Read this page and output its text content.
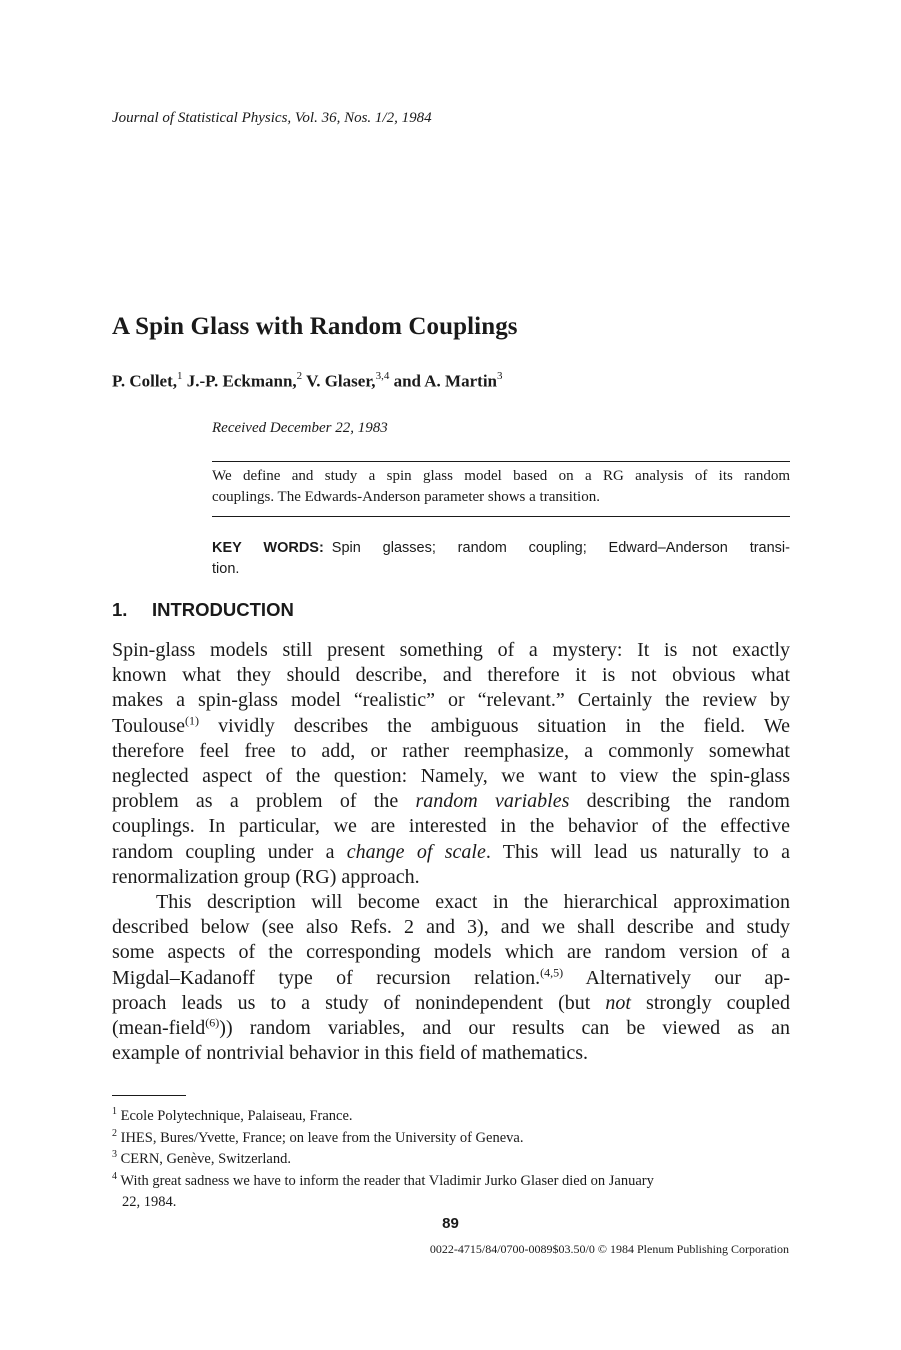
Journal of Statistical Physics, Vol. 36, Nos. 1/2, 1984
A Spin Glass with Random Couplings
P. Collet,$^1$ J.-P. Eckmann,$^2$ V. Glaser,$^{3,4}$ and A. Martin$^3$
Received December 22, 1983
We define and study a spin glass model based on a RG analysis of its random
couplings. The Edwards-Anderson parameter shows a transition.
KEY WORDS: Spin glasses; random coupling; Edward–Anderson transi-
tion.
1. INTRODUCTION
Spin-glass models still present something of a mystery: It is not exactly
known what they should describe, and therefore it is not obvious what
makes a spin-glass model “realistic” or “relevant.” Certainly the review by
Toulouse$^{(1)}$ vividly describes the ambiguous situation in the field. We
therefore feel free to add, or rather reemphasize, a commonly somewhat
neglected aspect of the question: Namely, we want to view the spin-glass
problem as a problem of the random variables describing the random
couplings. In particular, we are interested in the behavior of the effective
random coupling under a change of scale. This will lead us naturally to a
renormalization group (RG) approach.
This description will become exact in the hierarchical approximation
described below (see also Refs. 2 and 3), and we shall describe and study
some aspects of the corresponding models which are random version of a
Migdal–Kadanoff type of recursion relation.$^{(4,5)}$ Alternatively our ap-
proach leads us to a study of nonindependent (but not strongly coupled
(mean-field$^{(6)}$)) random variables, and our results can be viewed as an
example of nontrivial behavior in this field of mathematics.
$^1$ Ecole Polytechnique, Palaiseau, France.
$^2$ IHES, Bures/Yvette, France; on leave from the University of Geneva.
$^3$ CERN, Genève, Switzerland.
$^4$ With great sadness we have to inform the reader that Vladimir Jurko Glaser died on January
22, 1984.
89
0022-4715/84/0700-0089$03.50/0 © 1984 Plenum Publishing Corporation
